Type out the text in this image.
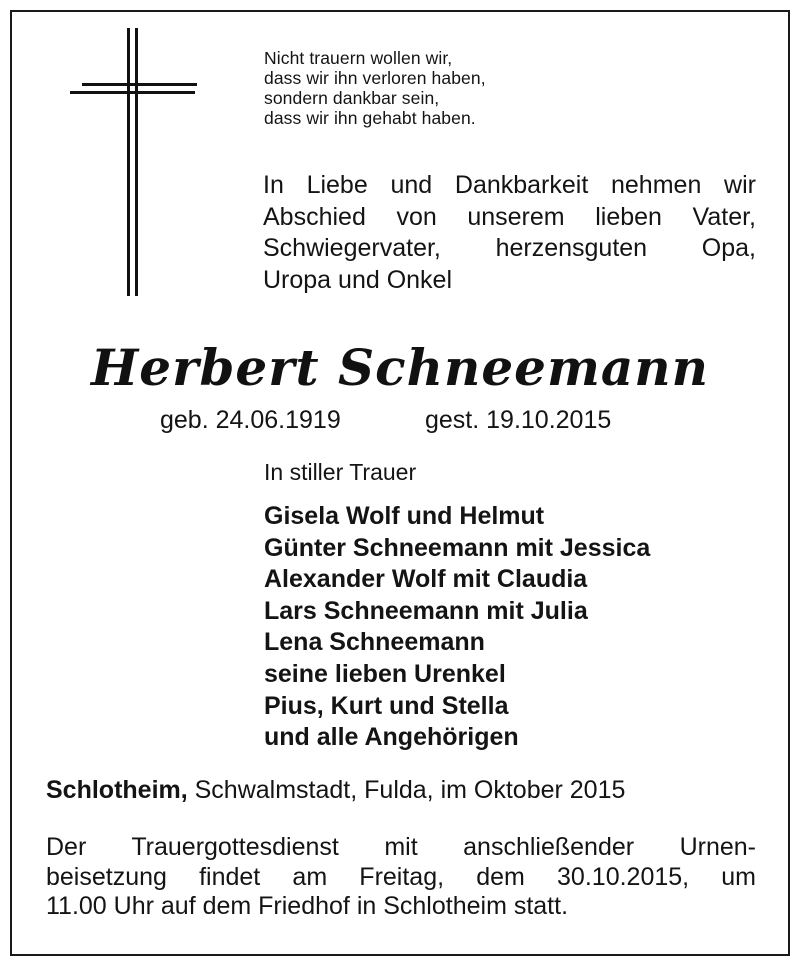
Nicht trauern wollen wir,
dass wir ihn verloren haben,
sondern dankbar sein,
dass wir ihn gehabt haben.
In Liebe und Dankbarkeit nehmen wir
Abschied von unserem lieben Vater,
Schwiegervater, herzensguten Opa,
Uropa und Onkel
Herbert Schneemann
geb. 24.06.1919	gest. 19.10.2015
In stiller Trauer
Gisela Wolf und Helmut
Günter Schneemann mit Jessica
Alexander Wolf mit Claudia
Lars Schneemann mit Julia
Lena Schneemann
seine lieben Urenkel
Pius, Kurt und Stella
und alle Angehörigen
Schlotheim, Schwalmstadt, Fulda, im Oktober 2015
Der Trauergottesdienst mit anschließender Urnen-
beisetzung findet am Freitag, dem 30.10.2015, um
11.00 Uhr auf dem Friedhof in Schlotheim statt.
